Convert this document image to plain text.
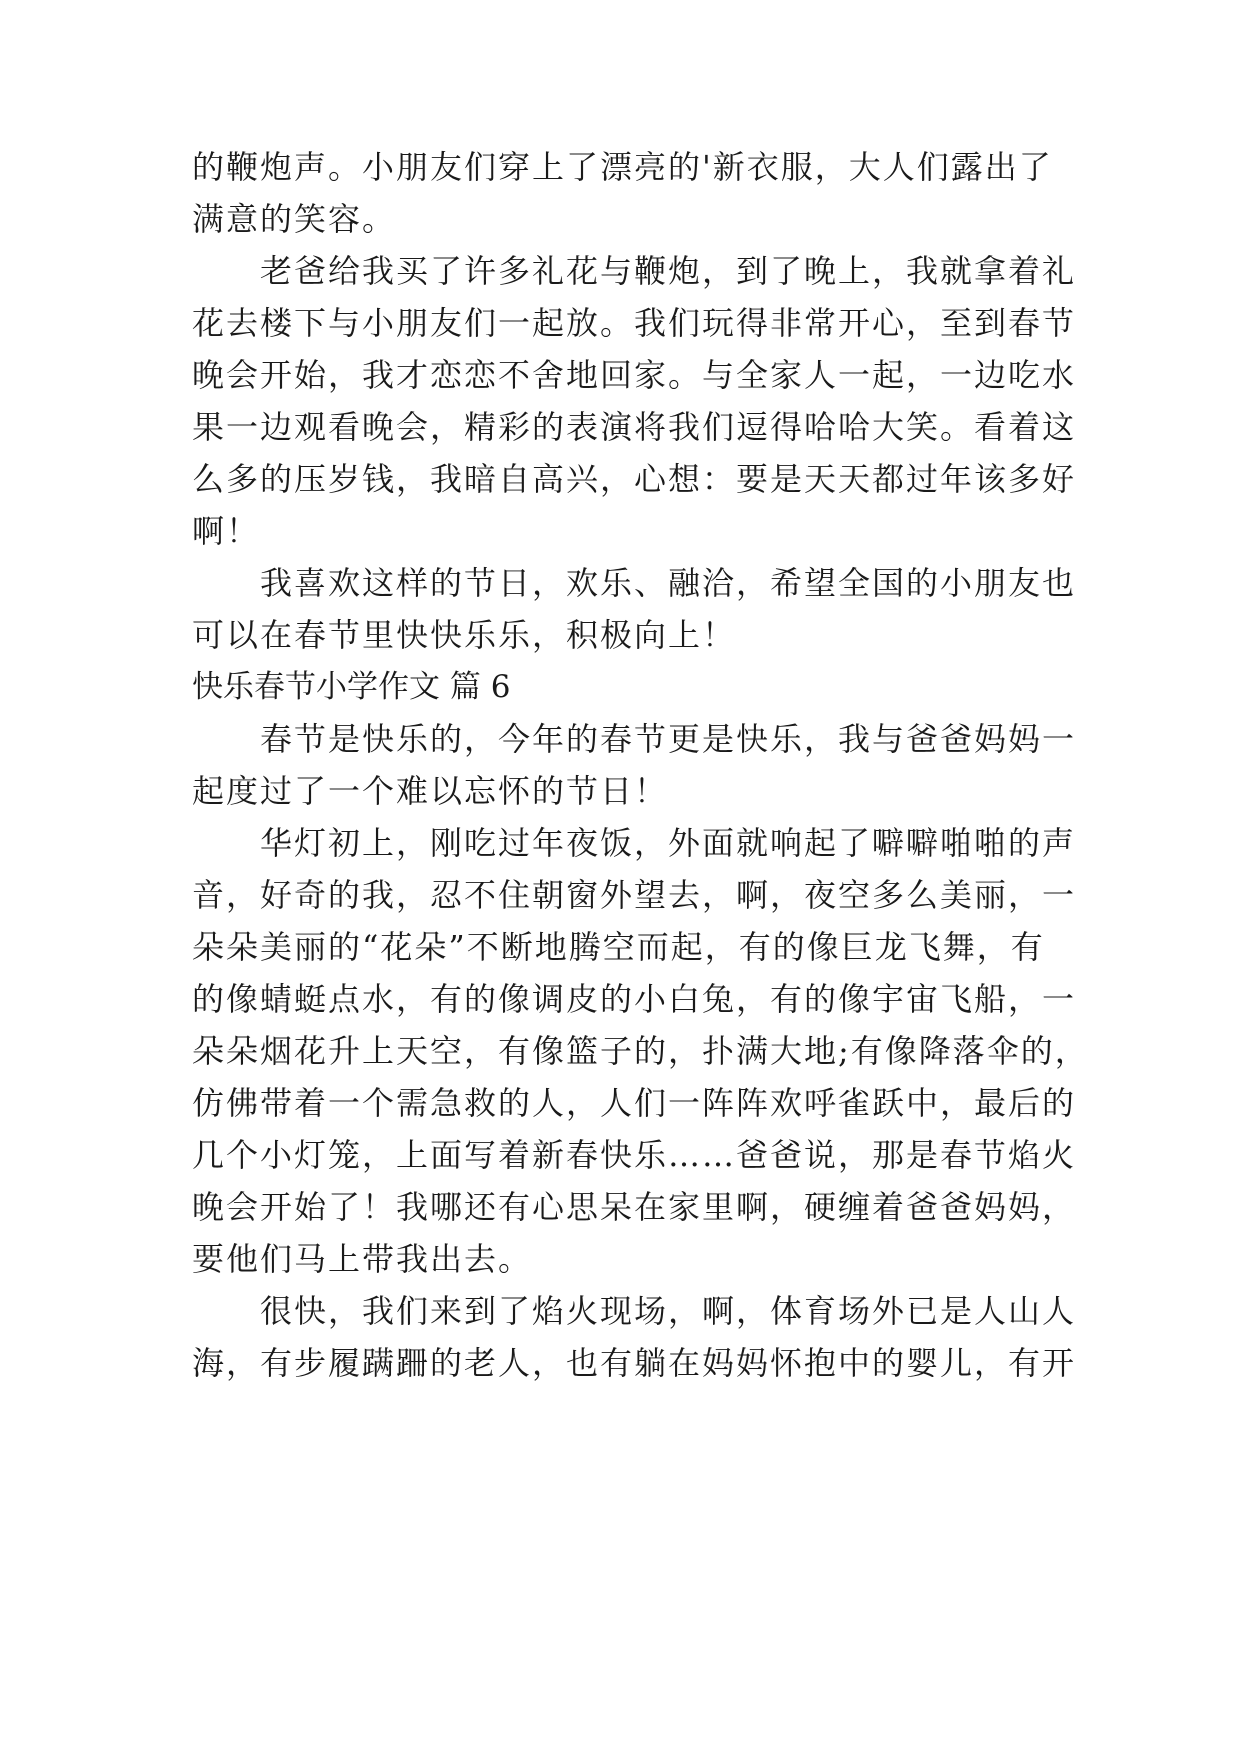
的鞭炮声。小朋友们穿上了漂亮的'新衣服，大人们露出了
满意的笑容。
　　老爸给我买了许多礼花与鞭炮，到了晚上，我就拿着礼
花去楼下与小朋友们一起放。我们玩得非常开心，至到春节
晚会开始，我才恋恋不舍地回家。与全家人一起，一边吃水
果一边观看晚会，精彩的表演将我们逗得哈哈大笑。看着这
么多的压岁钱，我暗自高兴，心想：要是天天都过年该多好
啊！
　　我喜欢这样的节日，欢乐、融洽，希望全国的小朋友也
可以在春节里快快乐乐，积极向上！
快乐春节小学作文 篇 6
　　春节是快乐的，今年的春节更是快乐，我与爸爸妈妈一
起度过了一个难以忘怀的节日！
　　华灯初上，刚吃过年夜饭，外面就响起了噼噼啪啪的声
音，好奇的我，忍不住朝窗外望去，啊，夜空多么美丽，一
朵朵美丽的“花朵”不断地腾空而起，有的像巨龙飞舞，有
的像蜻蜓点水，有的像调皮的小白兔，有的像宇宙飞船，一
朵朵烟花升上天空，有像篮子的，扑满大地;有像降落伞的，
仿佛带着一个需急救的人，人们一阵阵欢呼雀跃中，最后的
几个小灯笼，上面写着新春快乐……爸爸说，那是春节焰火
晚会开始了！我哪还有心思呆在家里啊，硬缠着爸爸妈妈，
要他们马上带我出去。
　　很快，我们来到了焰火现场，啊，体育场外已是人山人
海，有步履蹒跚的老人，也有躺在妈妈怀抱中的婴儿，有开
